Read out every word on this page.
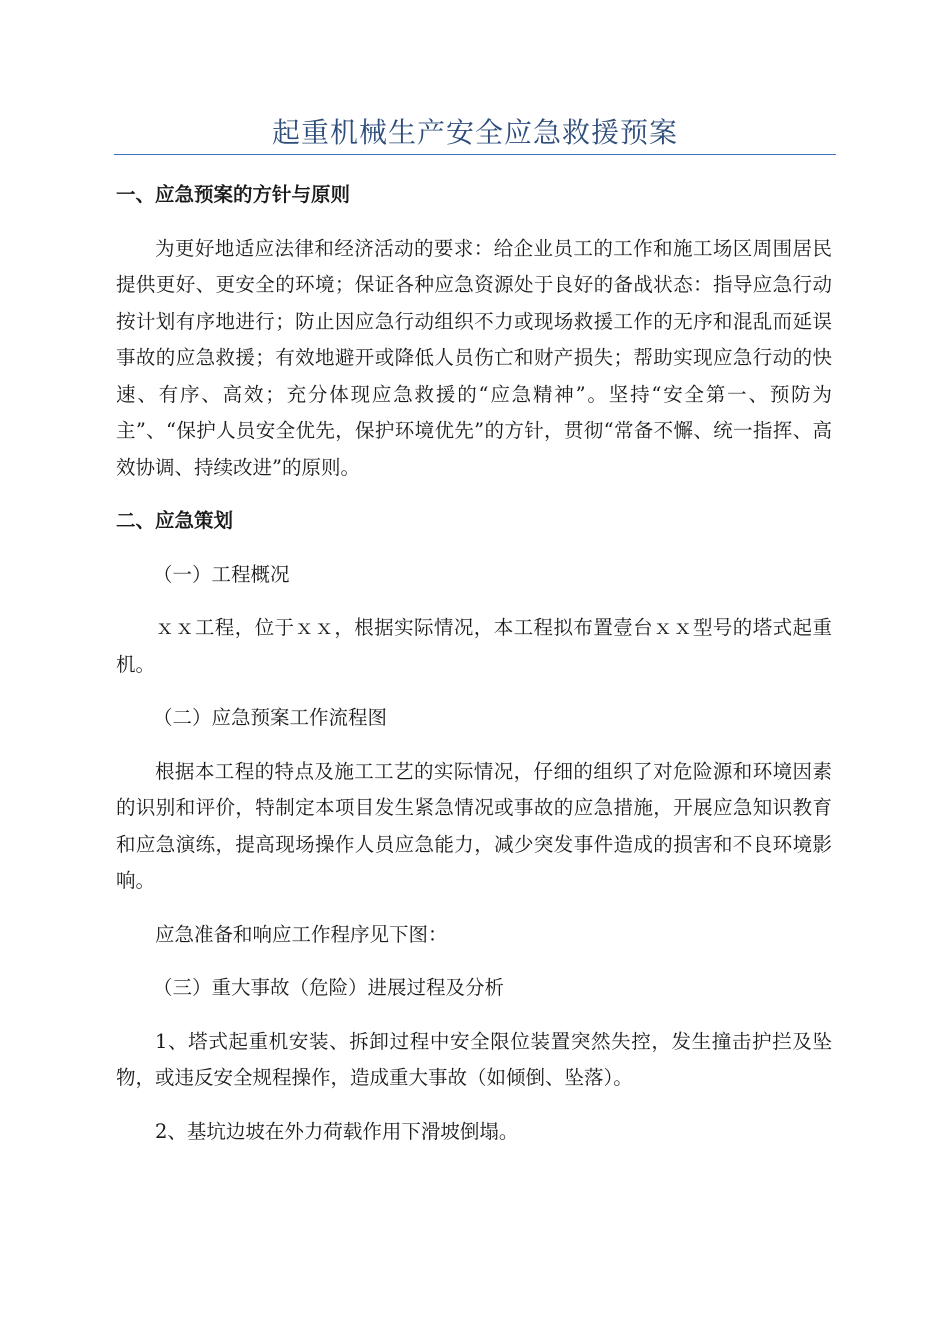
起重机械生产安全应急救援预案

一、应急预案的方针与原则

为更好地适应法律和经济活动的要求：给企业员工的工作和施工场区周围居民提供更好、更安全的环境；保证各种应急资源处于良好的备战状态：指导应急行动按计划有序地进行；防止因应急行动组织不力或现场救援工作的无序和混乱而延误事故的应急救援；有效地避开或降低人员伤亡和财产损失；帮助实现应急行动的快速、有序、高效；充分体现应急救援的“应急精神”。坚持“安全第一、预防为主”、“保护人员安全优先，保护环境优先”的方针，贯彻“常备不懈、统一指挥、高效协调、持续改进”的原则。

二、应急策划

（一）工程概况

ｘｘ工程，位于ｘｘ，根据实际情况，本工程拟布置壹台ｘｘ型号的塔式起重机。

（二）应急预案工作流程图

根据本工程的特点及施工工艺的实际情况，仔细的组织了对危险源和环境因素的识别和评价，特制定本项目发生紧急情况或事故的应急措施，开展应急知识教育和应急演练，提高现场操作人员应急能力，减少突发事件造成的损害和不良环境影响。

应急准备和响应工作程序见下图：

（三）重大事故（危险）进展过程及分析

1、塔式起重机安装、拆卸过程中安全限位装置突然失控，发生撞击护拦及坠物，或违反安全规程操作，造成重大事故（如倾倒、坠落）。

2、基坑边坡在外力荷载作用下滑坡倒塌。
